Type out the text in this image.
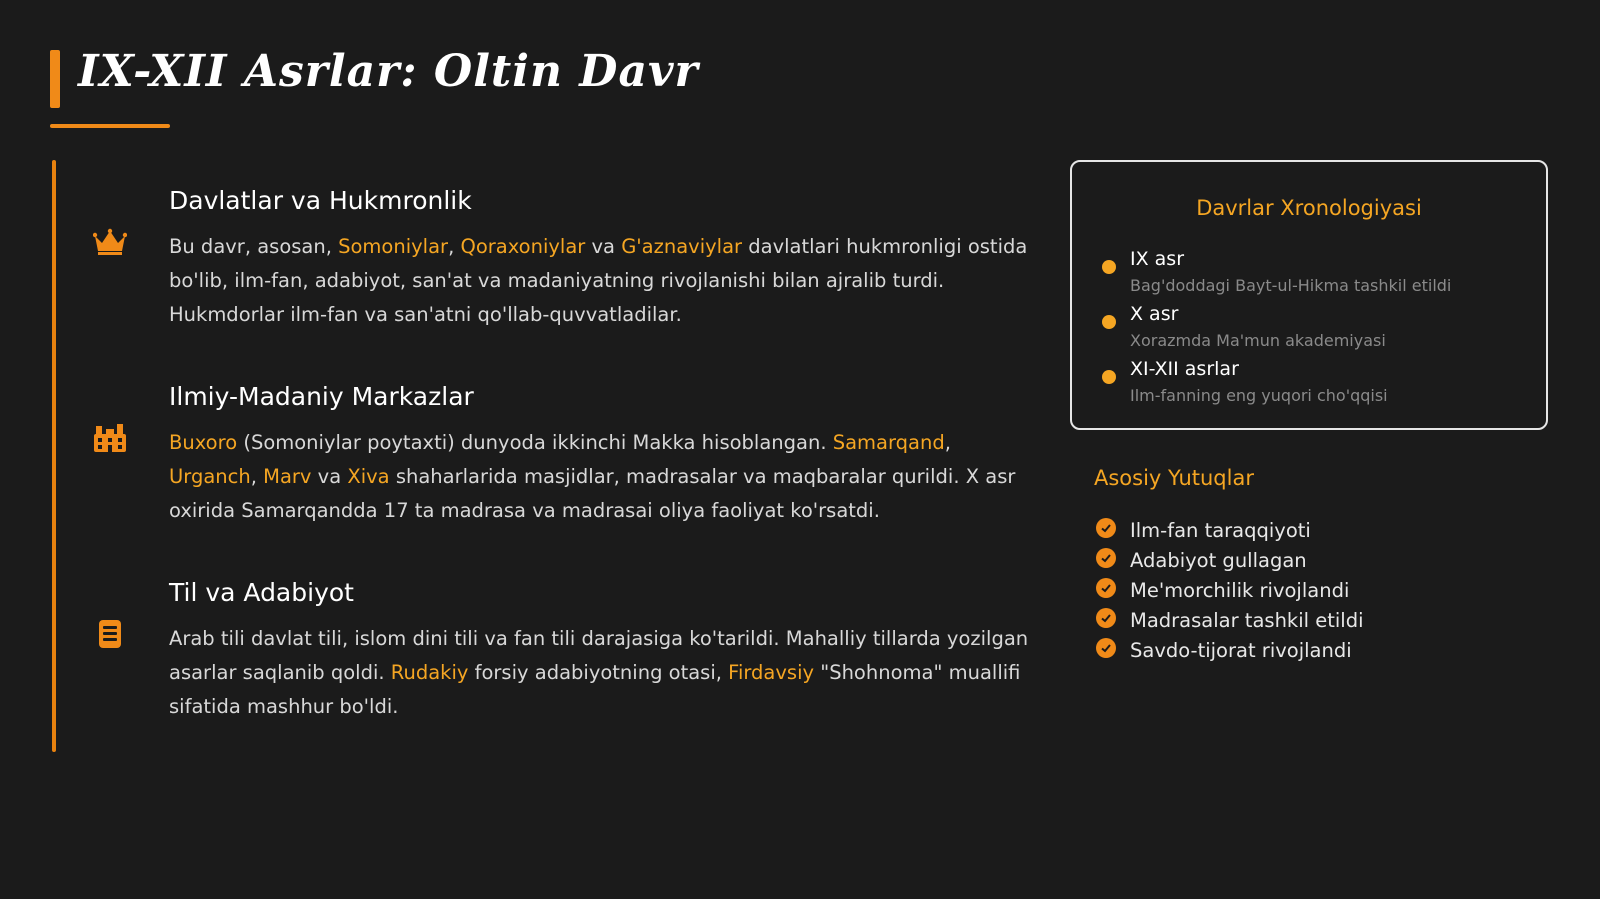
IX-XII Asrlar: Oltin Davr
Davlatlar va Hukmronlik

Bu davr, asosan, Somoniylar, Qoraxoniylar va G'aznaviylar davlatlari hukmronligi ostida bo'lib, ilm-fan, adabiyot, san'at va madaniyatning rivojlanishi bilan ajralib turdi. Hukmdorlar ilm-fan va san'atni qo'llab-quvvatladilar.

Ilmiy-Madaniy Markazlar

Buxoro (Somoniylar poytaxti) dunyoda ikkinchi Makka hisoblangan. Samarqand, Urganch, Marv va Xiva shaharlarida masjidlar, madrasalar va maqbaralar qurildi. X asr oxirida Samarqandda 17 ta madrasa va madrasai oliya faoliyat ko'rsatdi.

Til va Adabiyot

Arab tili davlat tili, islom dini tili va fan tili darajasiga ko'tarildi. Mahalliy tillarda yozilgan asarlar saqlanib qoldi. Rudakiy forsiy adabiyotning otasi, Firdavsiy "Shohnoma" muallifi sifatida mashhur bo'ldi.

Davrlar Xronologiyasi
IX asr
Bag'doddagi Bayt-ul-Hikma tashkil etildi
X asr
Xorazmda Ma'mun akademiyasi
XI-XII asrlar
Ilm-fanning eng yuqori cho'qqisi
Asosiy Yutuqlar
Ilm-fan taraqqiyoti
Adabiyot gullagan
Me'morchilik rivojlandi
Madrasalar tashkil etildi
Savdo-tijorat rivojlandi
